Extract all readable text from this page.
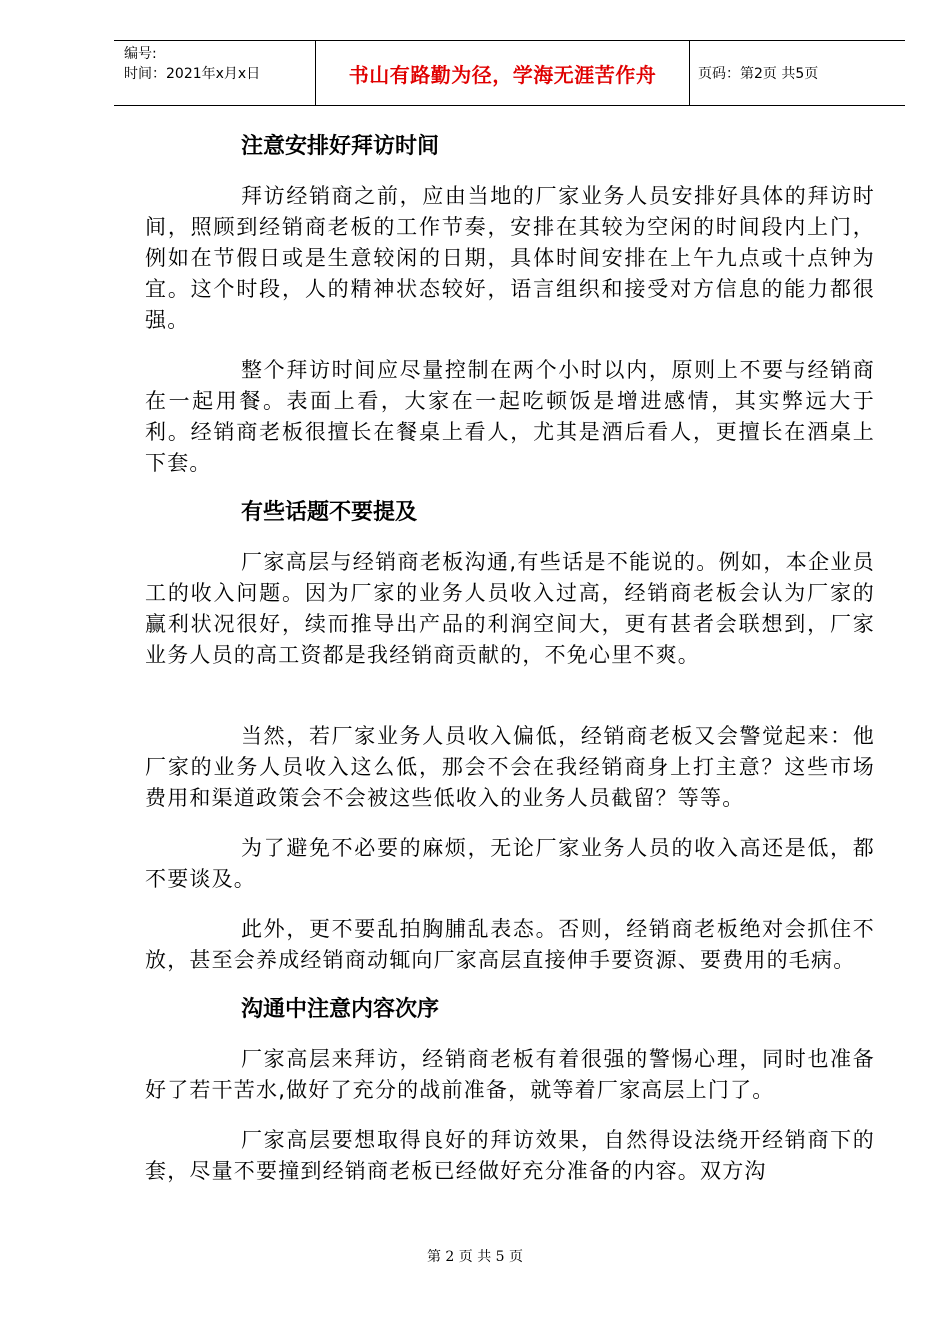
编号:
时间：2021年x月x日	书山有路勤为径，学海无涯苦作舟	页码：第2页 共5页
注意安排好拜访时间

拜访经销商之前，应由当地的厂家业务人员安排好具体的拜访时间，照顾到经销商老板的工作节奏，安排在其较为空闲的时间段内上门，例如在节假日或是生意较闲的日期，具体时间安排在上午九点或十点钟为宜。这个时段，人的精神状态较好，语言组织和接受对方信息的能力都很强。

整个拜访时间应尽量控制在两个小时以内，原则上不要与经销商在一起用餐。表面上看，大家在一起吃顿饭是增进感情，其实弊远大于利。经销商老板很擅长在餐桌上看人，尤其是酒后看人，更擅长在酒桌上下套。

有些话题不要提及

厂家高层与经销商老板沟通,有些话是不能说的。例如，本企业员工的收入问题。因为厂家的业务人员收入过高，经销商老板会认为厂家的赢利状况很好，续而推导出产品的利润空间大，更有甚者会联想到，厂家业务人员的高工资都是我经销商贡献的，不免心里不爽。

当然，若厂家业务人员收入偏低，经销商老板又会警觉起来：他厂家的业务人员收入这么低，那会不会在我经销商身上打主意？这些市场费用和渠道政策会不会被这些低收入的业务人员截留？等等。

为了避免不必要的麻烦，无论厂家业务人员的收入高还是低，都不要谈及。

此外，更不要乱拍胸脯乱表态。否则，经销商老板绝对会抓住不放，甚至会养成经销商动辄向厂家高层直接伸手要资源、要费用的毛病。

沟通中注意内容次序

厂家高层来拜访，经销商老板有着很强的警惕心理，同时也准备好了若干苦水,做好了充分的战前准备，就等着厂家高层上门了。

厂家高层要想取得良好的拜访效果，自然得设法绕开经销商下的套，尽量不要撞到经销商老板已经做好充分准备的内容。双方沟

第 2 页 共 5 页
